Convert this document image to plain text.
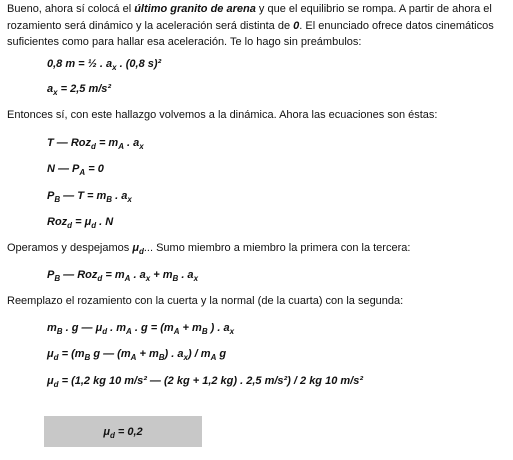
Bueno, ahora sí colocá el último granito de arena y que el equilibrio se rompa. A partir de ahora el rozamiento será dinámico y la aceleración será distinta de 0. El enunciado ofrece datos cinemáticos suficientes como para hallar esa aceleración. Te lo hago sin preámbulos:
0,8 m = ½ . $a_x$ . (0,8 s)²
$a_x = 2,5$ m/s²
Entonces sí, con este hallazgo volvemos a la dinámica. Ahora las ecuaciones son éstas:
T — $Roz_d = m_A$ . $a_x$
N — $P_A = 0$
$P_B$ — $T = m_B$ . $a_x$
$Roz_d = \mu_d$ . N
Operamos y despejamos $\mu_d$... Sumo miembro a miembro la primera con la tercera:
$P_B$ — $Roz_d = m_A$ . $a_x + m_B$ . $a_x$
Reemplazo el rozamiento con la cuerta y la normal (de la cuarta) con la segunda:
$m_B$ . g — $\mu_d$ . $m_A$ . $g = (m_A + m_B$ ) . $a_x$
$\mu_d = (m_B$ g — $(m_A + m_B)$ . $a_x) / m_A$ g
$\mu_d = (1,2$ kg 10 m/s² — (2 kg + 1,2 kg) . 2,5 m/s²) / 2 kg 10 m/s²
$\mu_d = 0,2$
